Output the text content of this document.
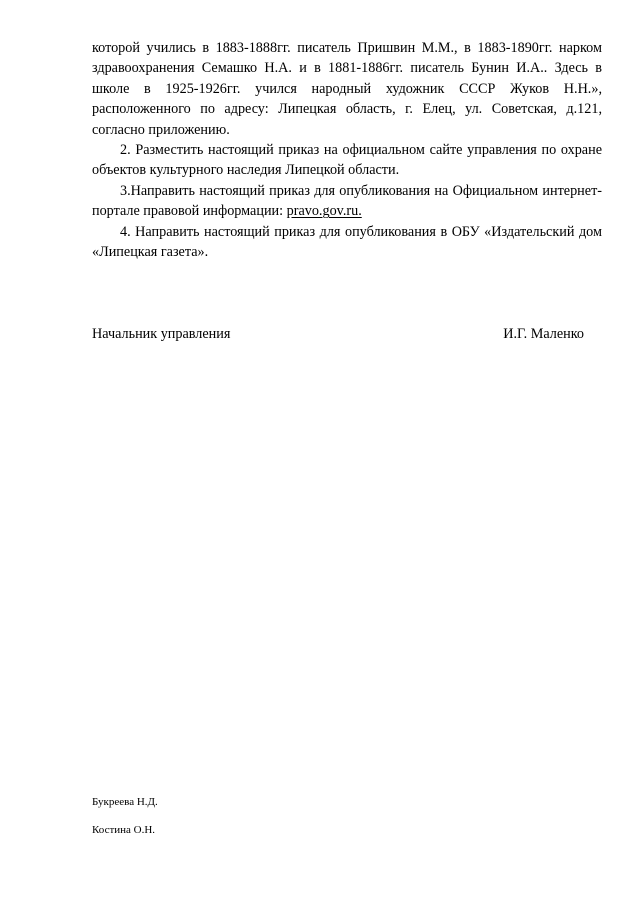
которой учились в 1883-1888гг. писатель Пришвин М.М., в 1883-1890гг. нарком здравоохранения Семашко Н.А. и в 1881-1886гг. писатель Бунин И.А.. Здесь в школе в 1925-1926гг. учился народный художник СССР Жуков Н.Н.», расположенного по адресу: Липецкая область, г. Елец, ул. Советская, д.121, согласно приложению.

2. Разместить настоящий приказ на официальном сайте управления по охране объектов культурного наследия Липецкой области.

3.Направить настоящий приказ для опубликования на Официальном интернет-портале правовой информации: pravo.gov.ru.

4. Направить настоящий приказ для опубликования в ОБУ «Издательский дом «Липецкая газета».

Начальник управления	И.Г. Маленко
Букреева Н.Д.
Костина О.Н.
